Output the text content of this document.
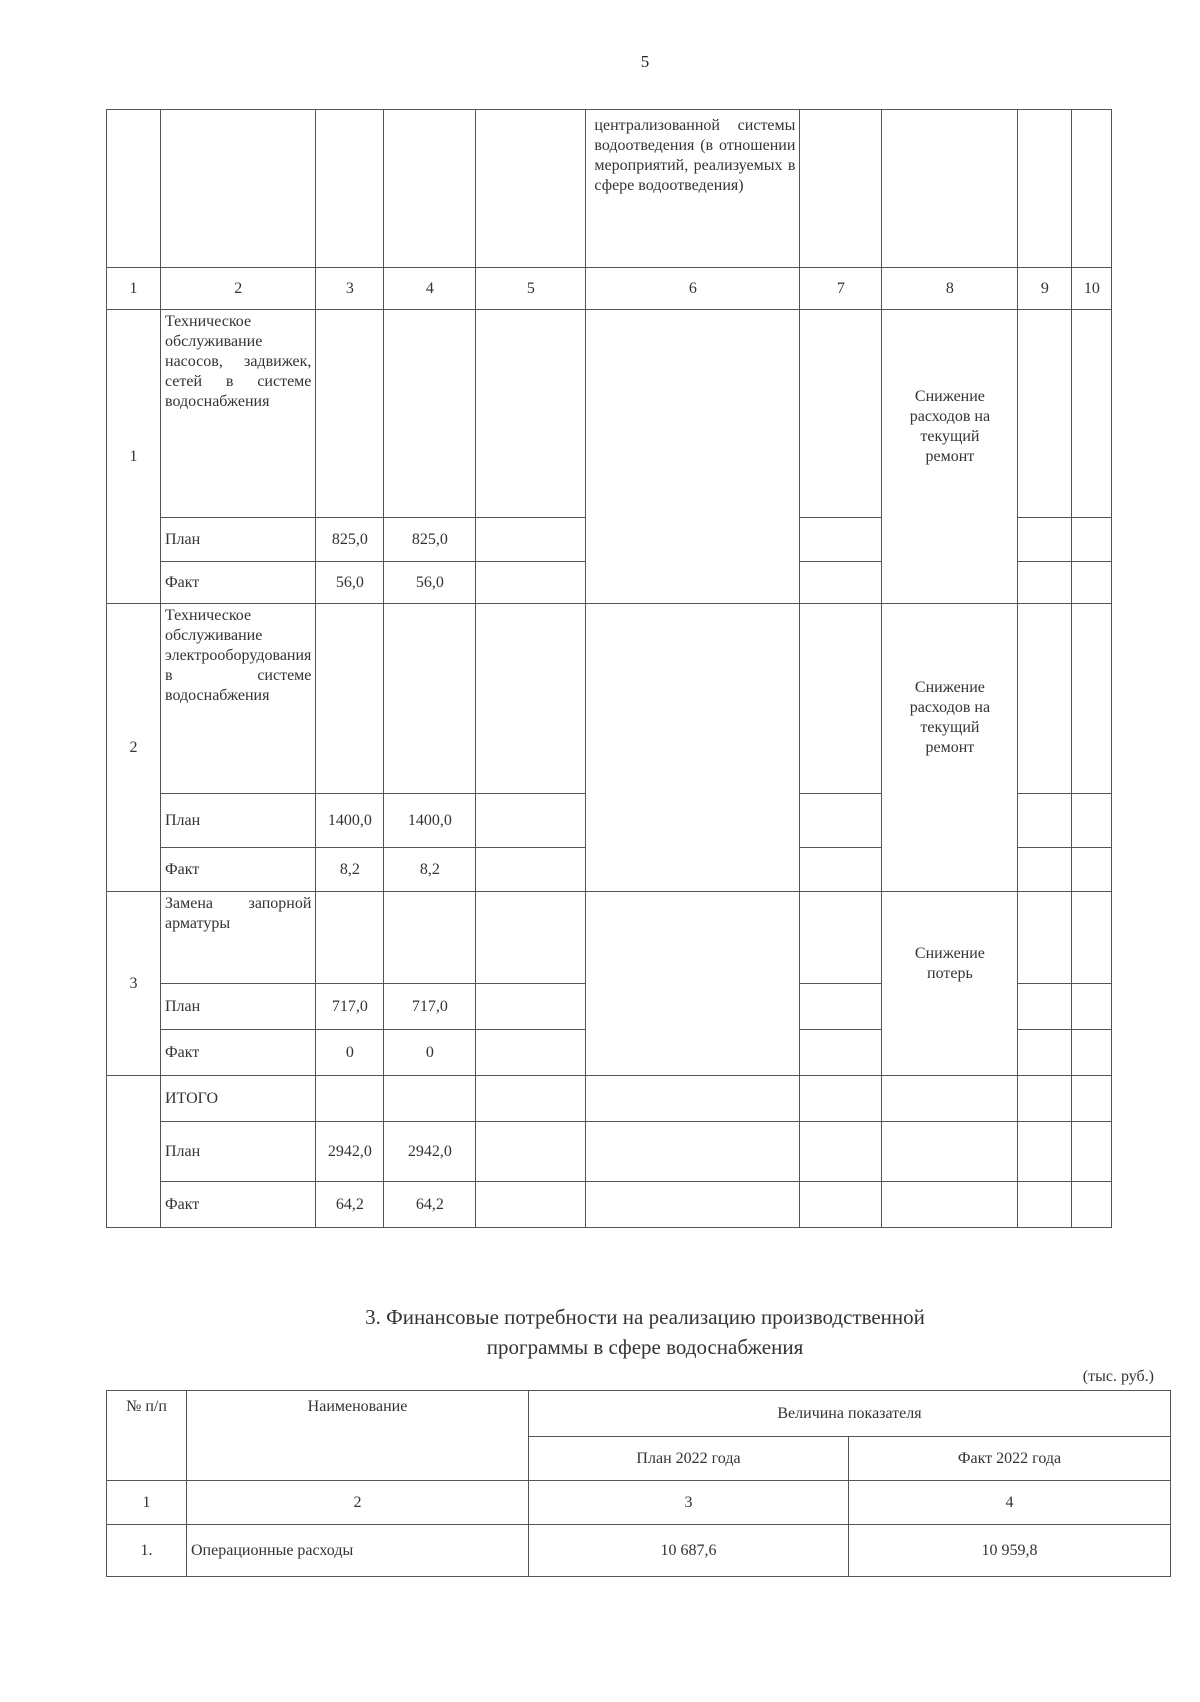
5
					централизованной системы водоотведения (в отношении мероприятий, реализуемых в сфере водоотведения)				
1	2	3	4	5	6	7	8	9	10
1	Техническое обслуживание насосов, задвижек, сетей в системе водоснабжения						Снижение расходов на текущий ремонт		
	План	825,0	825,0						
	Факт	56,0	56,0						
2	Техническое обслуживание электрооборудования в системе водоснабжения						Снижение расходов на текущий ремонт		
	План	1400,0	1400,0						
	Факт	8,2	8,2						
3	Замена запорной арматуры						Снижение потерь		
	План	717,0	717,0						
	Факт	0	0						
	ИТОГО								
	План	2942,0	2942,0						
	Факт	64,2	64,2						
3. Финансовые потребности на реализацию производственной
программы в сфере водоснабжения
(тыс. руб.)
№ п/п	Наименование	Величина показателя	
		План 2022 года	Факт 2022 года
1	2	3	4
1.	Операционные расходы	10 687,6	10 959,8
